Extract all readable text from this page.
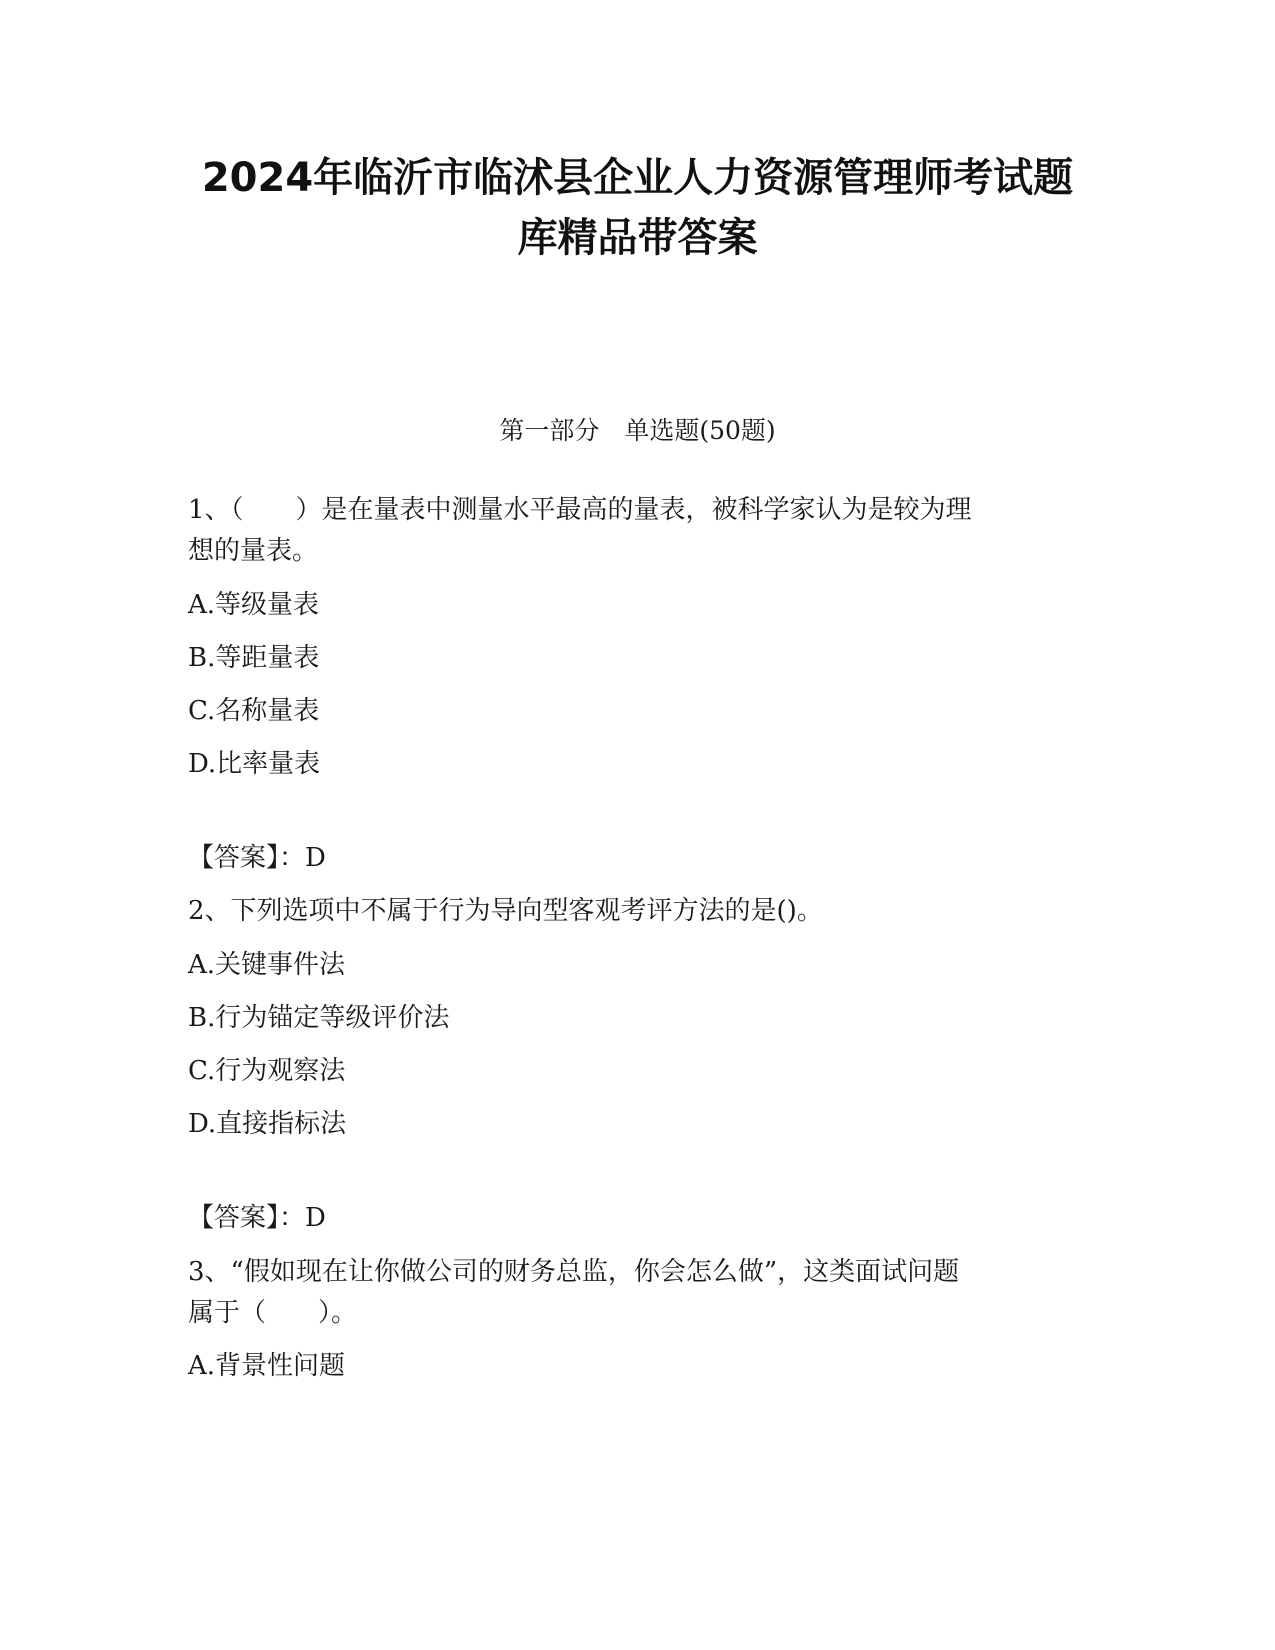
2024年临沂市临沭县企业人力资源管理师考试题
库精品带答案
第一部分　单选题(50题)

1、（　　）是在量表中测量水平最高的量表，被科学家认为是较为理

想的量表。

A.等级量表

B.等距量表

C.名称量表

D.比率量表

【答案】：D

2、下列选项中不属于行为导向型客观考评方法的是()。

A.关键事件法

B.行为锚定等级评价法

C.行为观察法

D.直接指标法

【答案】：D

3、“假如现在让你做公司的财务总监，你会怎么做”，这类面试问题

属于（　　）。

A.背景性问题
